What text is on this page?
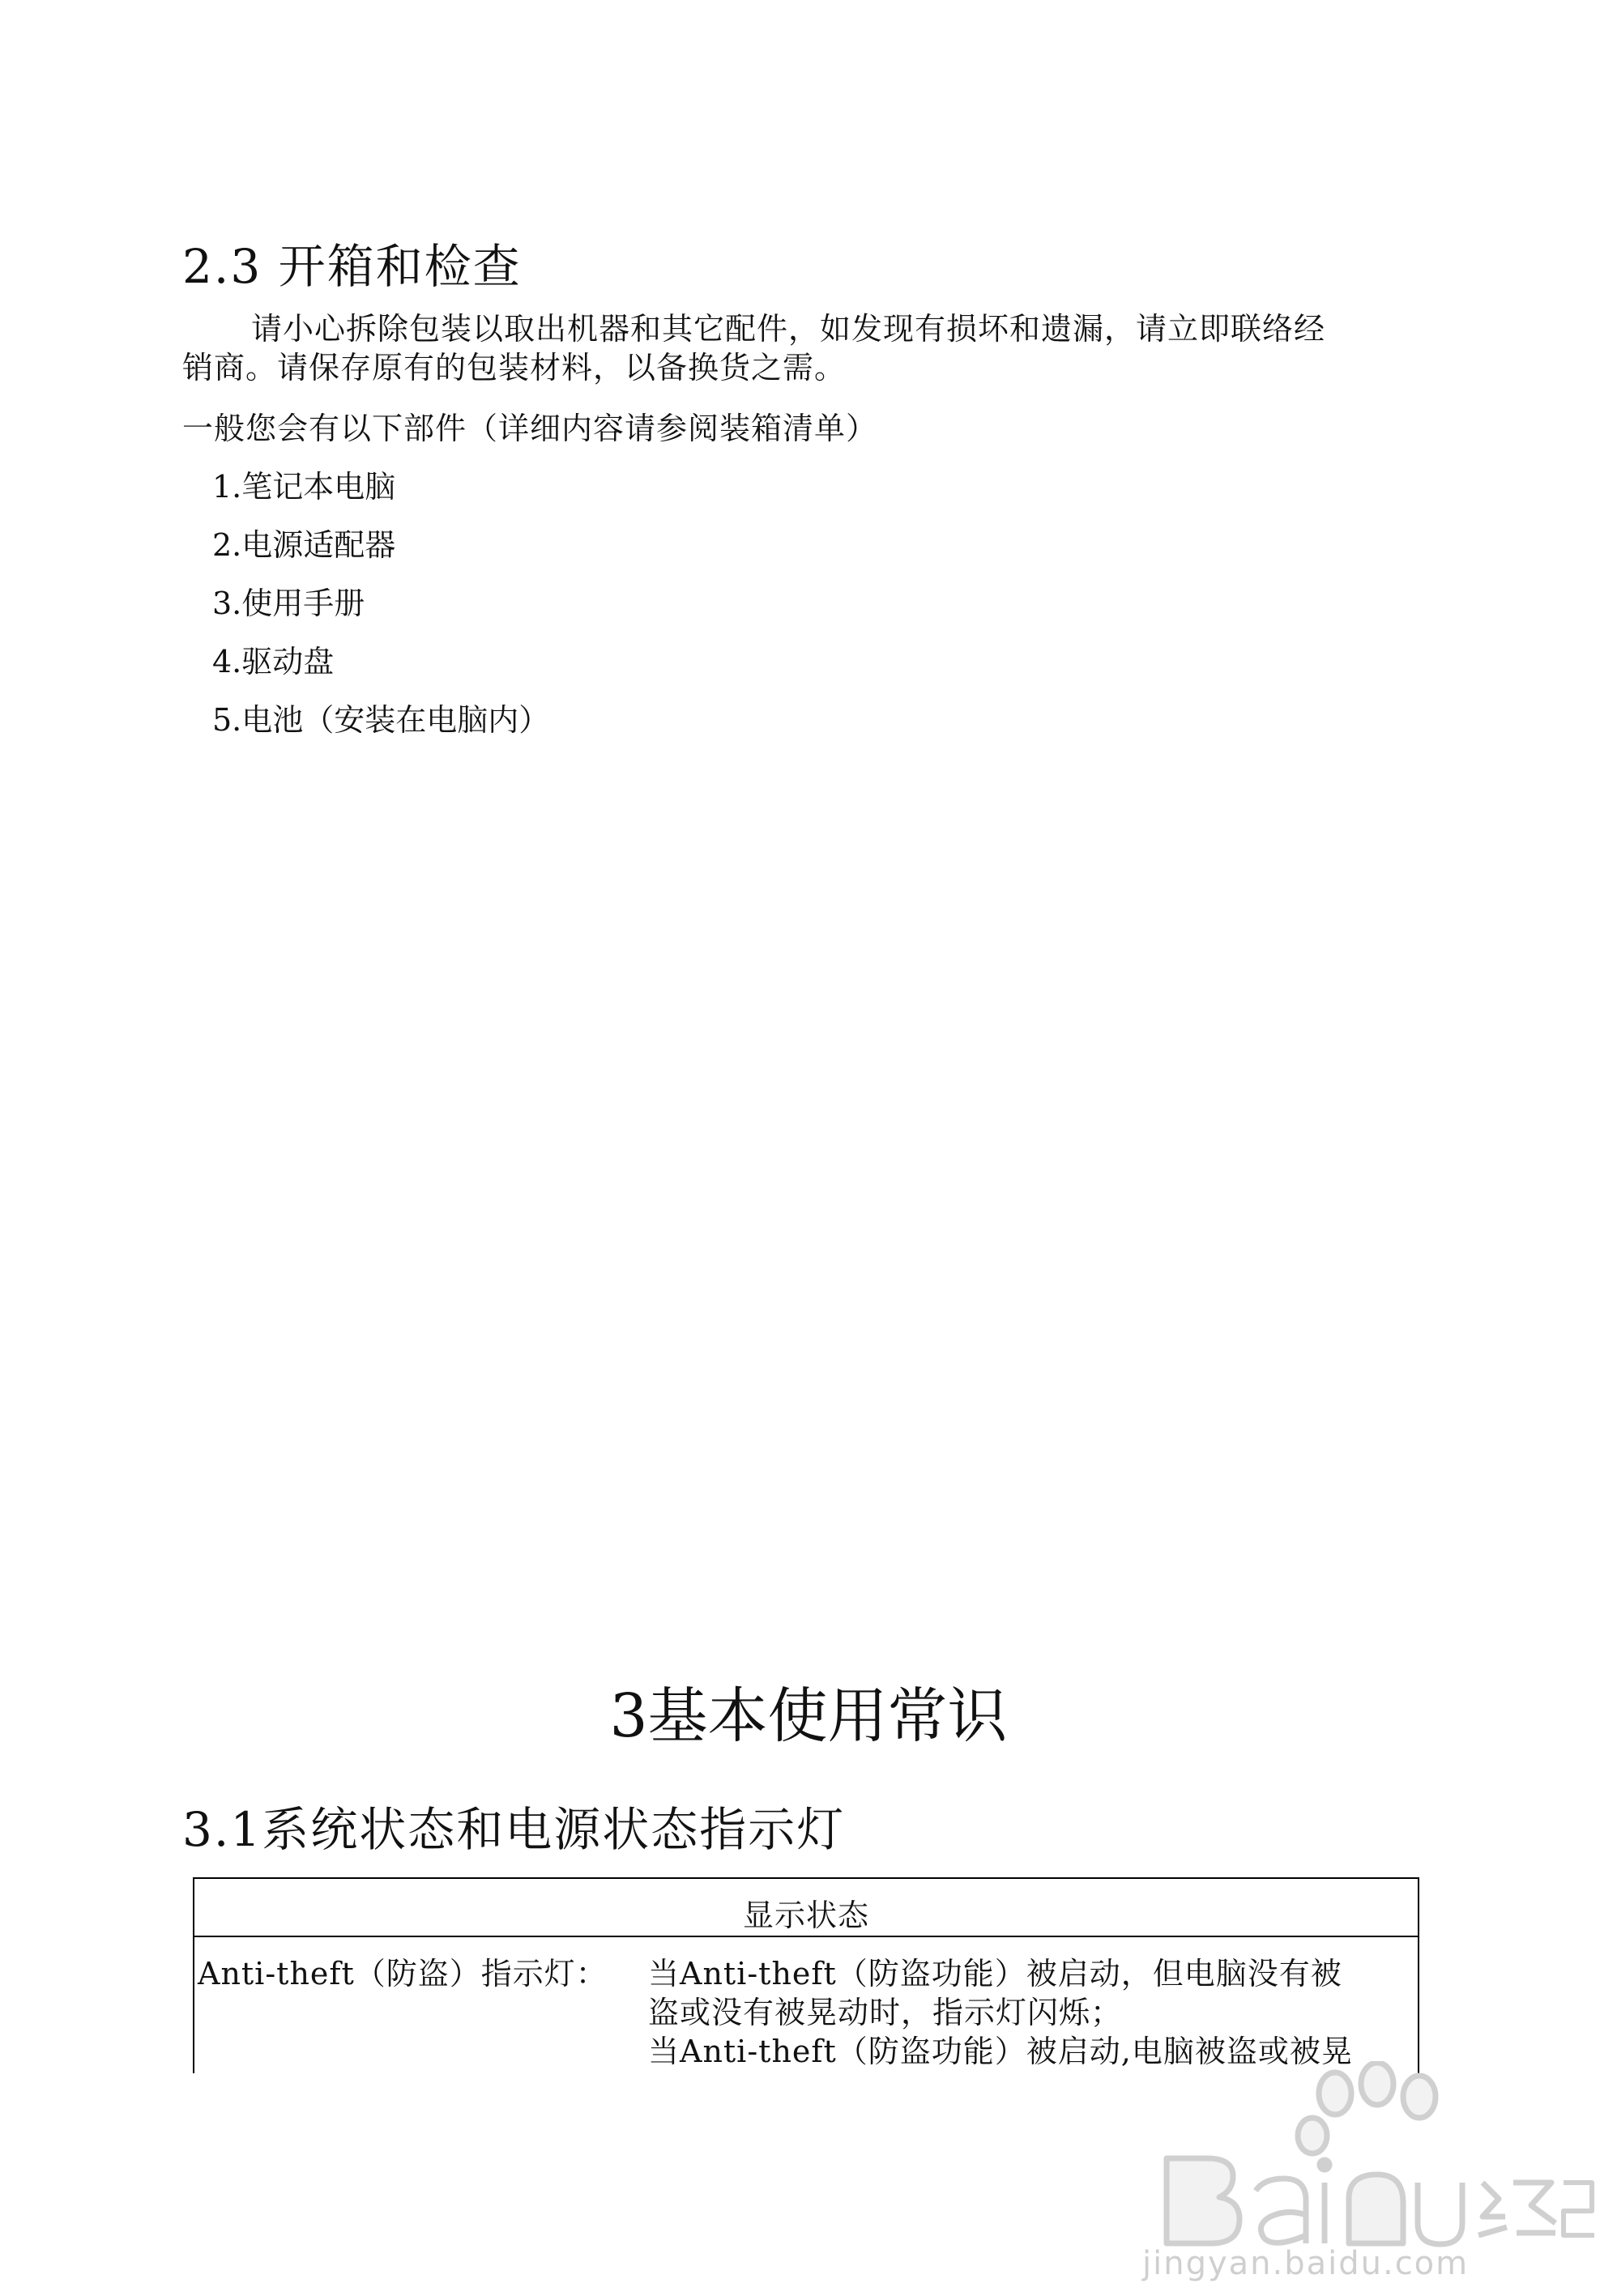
2.3 开箱和检查
请小心拆除包装以取出机器和其它配件，如发现有损坏和遗漏，请立即联络经
销商。请保存原有的包装材料，以备换货之需。
一般您会有以下部件（详细内容请参阅装箱清单）
1.笔记本电脑
2.电源适配器
3.使用手册
4.驱动盘
5.电池（安装在电脑内）
3基本使用常识
3.1系统状态和电源状态指示灯
显示状态
Anti-theft（防盗）指示灯： 当Anti-theft（防盗功能）被启动，但电脑没有被
盗或没有被晃动时，指示灯闪烁；
当Anti-theft（防盗功能）被启动,电脑被盗或被晃
jingyan.baidu.com
